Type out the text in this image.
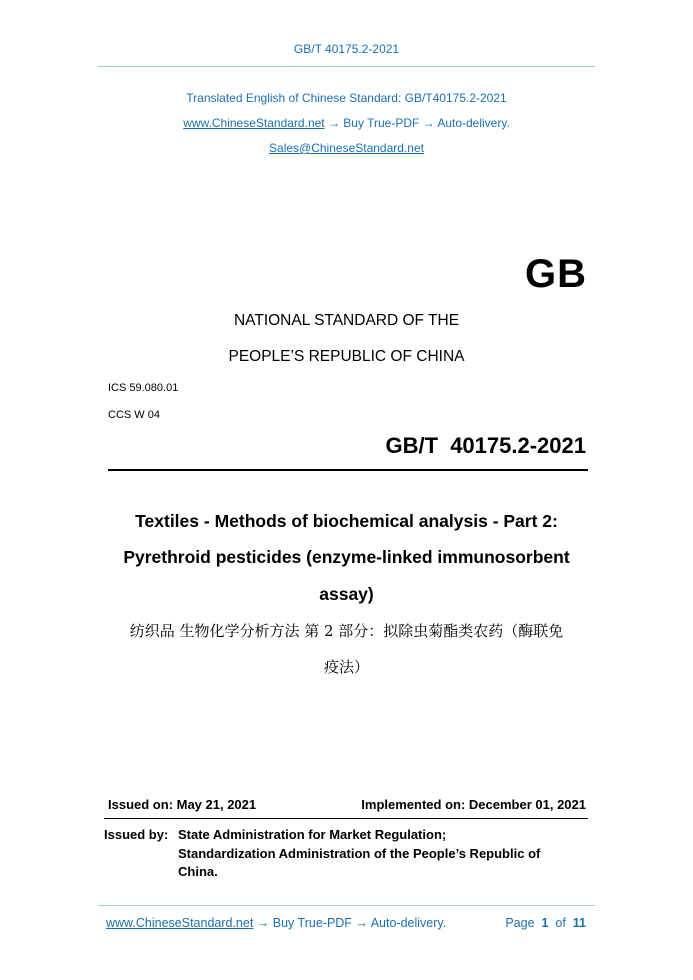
GB/T 40175.2-2021
Translated English of Chinese Standard: GB/T40175.2-2021
www.ChineseStandard.net → Buy True-PDF → Auto-delivery.
Sales@ChineseStandard.net
GB
NATIONAL STANDARD OF THE
PEOPLE’S REPUBLIC OF CHINA
ICS 59.080.01
CCS W 04
GB/T 40175.2-2021
Textiles - Methods of biochemical analysis - Part 2:
Pyrethroid pesticides (enzyme-linked immunosorbent
assay)
纺织品 生物化学分析方法 第 2 部分：拟除虫菊酯类农药（酶联免
疫法）
Issued on: May 21, 2021	Implemented on: December 01, 2021
Issued by: State Administration for Market Regulation;
Standardization Administration of the People’s Republic of
China.
www.ChineseStandard.net → Buy True-PDF → Auto-delivery.	Page 1 of 11
